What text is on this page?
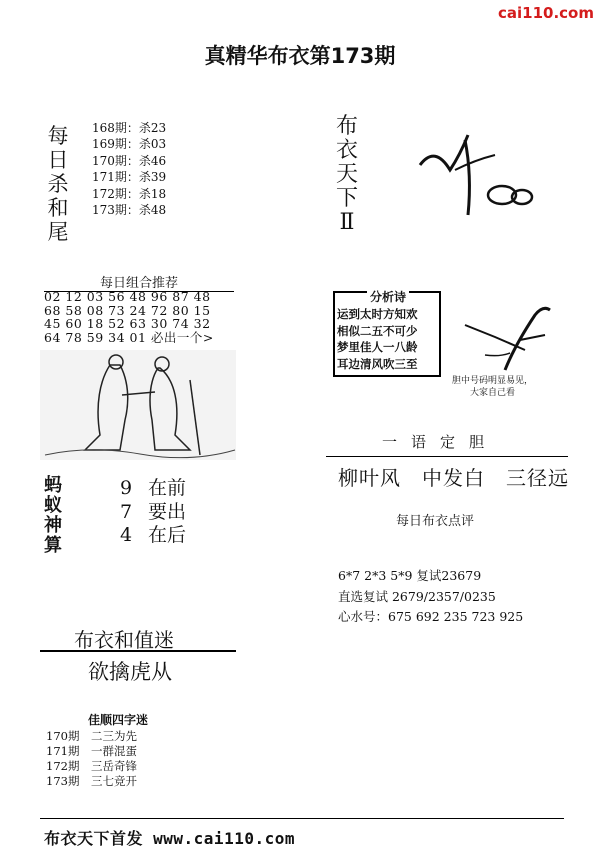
cai110.com
真精华布衣第173期
每
日
杀
和
尾
168期：杀23
169期：杀03
170期：杀46
171期：杀39
172期：杀18
173期：杀48
每日组合推荐
02 12 03 56 48 96 87 48
68 58 08 73 24 72 80 15
45 60 18 52 63 30 74 32
64 78 59 34 01 必出一个>
蚂
蚁
神
算
9 在前
7 要出
4 在后
布衣和值迷
欲擒虎从
佳顺四字迷
170期　二三为先
171期　一群混蛋
172期　三岳奇锋
173期　三七竞开
布
衣
天
下
Ⅱ
分析诗
运到太时方知欢
相似二五不可少
梦里佳人一八龄
耳边清风吹三至
胆中号码明显易见，
大家自己看
一语定胆
柳叶风　中发白　三径远
每日布衣点评
6*7 2*3 5*9 复试23679
直选复试 2679/2357/0235
心水号：675 692 235 723 925
布衣天下首发 www.cai110.com
